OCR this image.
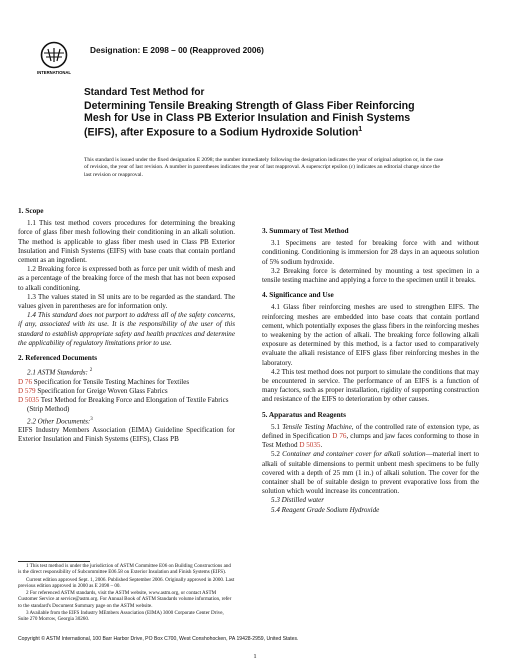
INTERNATIONAL
Designation: E 2098 – 00 (Reapproved 2006)
Standard Test Method for
Determining Tensile Breaking Strength of Glass Fiber Reinforcing Mesh for Use in Class PB Exterior Insulation and Finish Systems (EIFS), after Exposure to a Sodium Hydroxide Solution$^1$
This standard is issued under the fixed designation E 2098; the number immediately following the designation indicates the year of original adoption or, in the case of revision, the year of last revision. A number in parentheses indicates the year of last reapproval. A superscript epsilon (ε) indicates an editorial change since the last revision or reapproval.
1. Scope

1.1 This test method covers procedures for determining the breaking force of glass fiber mesh following their conditioning in an alkali solution. The method is applicable to glass fiber mesh used in Class PB Exterior Insulation and Finish Systems (EIFS) with base coats that contain portland cement as an ingredient.

1.2 Breaking force is expressed both as force per unit width of mesh and as a percentage of the breaking force of the mesh that has not been exposed to alkali conditioning.

1.3 The values stated in SI units are to be regarded as the standard. The values given in parentheses are for information only.

1.4 This standard does not purport to address all of the safety concerns, if any, associated with its use. It is the responsibility of the user of this standard to establish appropriate safety and health practices and determine the applicability of regulatory limitations prior to use.

2. Referenced Documents

2.1 ASTM Standards: $^2$

D 76 Specification for Tensile Testing Machines for Textiles
D 579 Specification for Greige Woven Glass Fabrics
D 5035 Test Method for Breaking Force and Elongation of Textile Fabrics (Strip Method)

2.2 Other Documents:$^3$

EIFS Industry Members Association (EIMA) Guideline Specification for Exterior Insulation and Finish Systems (EIFS), Class PB

3. Summary of Test Method

3.1 Specimens are tested for breaking force with and without conditioning. Conditioning is immersion for 28 days in an aqueous solution of 5% sodium hydroxide.

3.2 Breaking force is determined by mounting a test specimen in a tensile testing machine and applying a force to the specimen until it breaks.

4. Significance and Use

4.1 Glass fiber reinforcing meshes are used to strengthen EIFS. The reinforcing meshes are embedded into base coats that contain portland cement, which potentially exposes the glass fibers in the reinforcing meshes to weakening by the action of alkali. The breaking force following alkali exposure as determined by this method, is a factor used to comparatively evaluate the alkali resistance of EIFS glass fiber reinforcing meshes in the laboratory.

4.2 This test method does not purport to simulate the conditions that may be encountered in service. The performance of an EIFS is a function of many factors, such as proper installation, rigidity of supporting construction and resistance of the EIFS to deterioration by other causes.

5. Apparatus and Reagents

5.1 Tensile Testing Machine, of the controlled rate of extension type, as defined in Specification D 76, clumps and jaw faces conforming to those in Test Method D 5035.

5.2 Container and container cover for alkali solution—material inert to alkali of suitable dimensions to permit unbent mesh specimens to be fully covered with a depth of 25 mm (1 in.) of alkali solution. The cover for the container shall be of suitable design to prevent evaporative loss from the solution which would increase its concentration.

5.3 Distilled water

5.4 Reagent Grade Sodium Hydroxide

1 This test method is under the jurisdiction of ASTM Committee E06 on Building Constructions and is the direct responsibility of Subcommittee E06.58 on Exterior Insulation and Finish Systems (EIFS).

Current edition approved Sept. 1, 2006. Published September 2006. Originally approved in 2000. Last previous edition approved in 2000 as E 2098 – 00.

2 For referenced ASTM standards, visit the ASTM website, www.astm.org, or contact ASTM Customer Service at service@astm.org. For Annual Book of ASTM Standards volume information, refer to the standard's Document Summary page on the ASTM website.

3 Available from the EIFS Industry MEmbers Association (EIMA) 3000 Corporate Center Drive, Suite 270 Morrow, Georgia 30260.

Copyright © ASTM International, 100 Barr Harbor Drive, PO Box C700, West Conshohocken, PA 19428-2959, United States.
1
